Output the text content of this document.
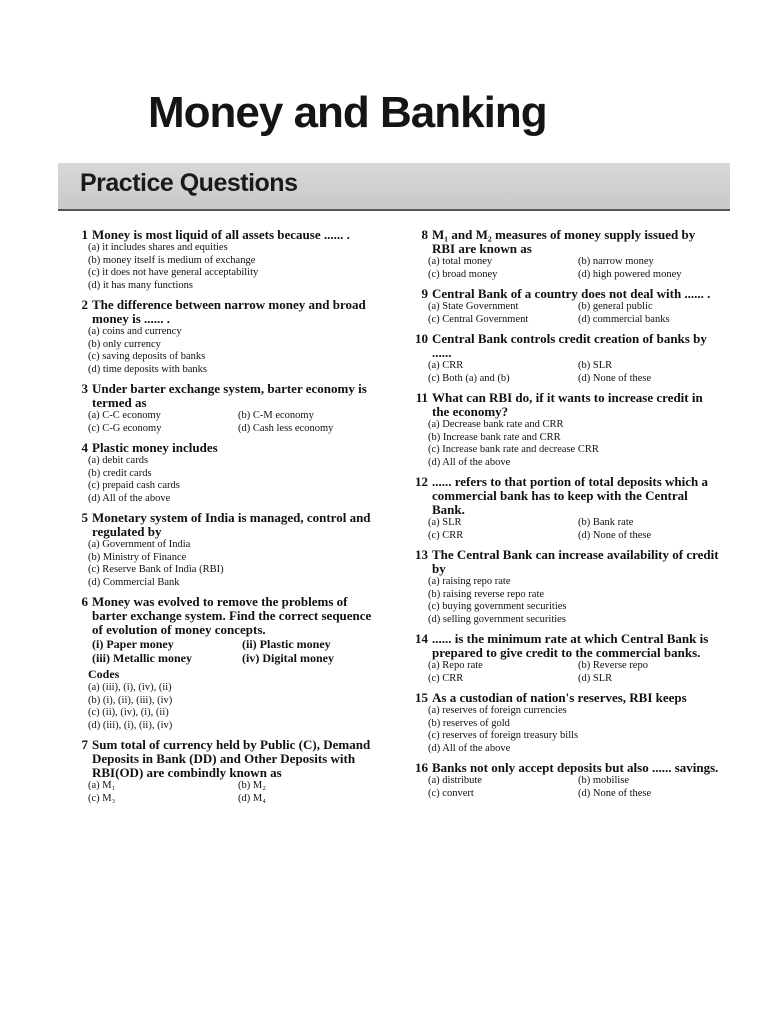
Money and Banking
Practice Questions
1 Money is most liquid of all assets because ...... .
(a) it includes shares and equities
(b) money itself is medium of exchange
(c) it does not have general acceptability
(d) it has many functions
2 The difference between narrow money and broad money is ...... .
(a) coins and currency
(b) only currency
(c) saving deposits of banks
(d) time deposits with banks
3 Under barter exchange system, barter economy is termed as
(a) C-C economy	(b) C-M economy
(c) C-G economy	(d) Cash less economy
4 Plastic money includes
(a) debit cards
(b) credit cards
(c) prepaid cash cards
(d) All of the above
5 Monetary system of India is managed, control and regulated by
(a) Government of India
(b) Ministry of Finance
(c) Reserve Bank of India (RBI)
(d) Commercial Bank
6 Money was evolved to remove the problems of barter exchange system. Find the correct sequence of evolution of money concepts.
(i) Paper money	(ii) Plastic money
(iii) Metallic money	(iv) Digital money
Codes
(a) (iii), (i), (iv), (ii)
(b) (i), (ii), (iii), (iv)
(c) (ii), (iv), (i), (ii)
(d) (iii), (i), (ii), (iv)
7 Sum total of currency held by Public (C), Demand Deposits in Bank (DD) and Other Deposits with RBI(OD) are combindly known as
(a) M₁	(b) M₂
(c) M₃	(d) M₄
8 M₁ and M₂ measures of money supply issued by RBI are known as
(a) total money	(b) narrow money
(c) broad money	(d) high powered money
9 Central Bank of a country does not deal with ...... .
(a) State Government	(b) general public
(c) Central Government	(d) commercial banks
10 Central Bank controls credit creation of banks by ......
(a) CRR	(b) SLR
(c) Both (a) and (b)	(d) None of these
11 What can RBI do, if it wants to increase credit in the economy?
(a) Decrease bank rate and CRR
(b) Increase bank rate and CRR
(c) Increase bank rate and decrease CRR
(d) All of the above
12 ...... refers to that portion of total deposits which a commercial bank has to keep with the Central Bank.
(a) SLR	(b) Bank rate
(c) CRR	(d) None of these
13 The Central Bank can increase availability of credit by
(a) raising repo rate
(b) raising reverse repo rate
(c) buying government securities
(d) selling government securities
14 ...... is the minimum rate at which Central Bank is prepared to give credit to the commercial banks.
(a) Repo rate	(b) Reverse repo
(c) CRR	(d) SLR
15 As a custodian of nation's reserves, RBI keeps
(a) reserves of foreign currencies
(b) reserves of gold
(c) reserves of foreign treasury bills
(d) All of the above
16 Banks not only accept deposits but also ...... savings.
(a) distribute	(b) mobilise
(c) convert	(d) None of these
